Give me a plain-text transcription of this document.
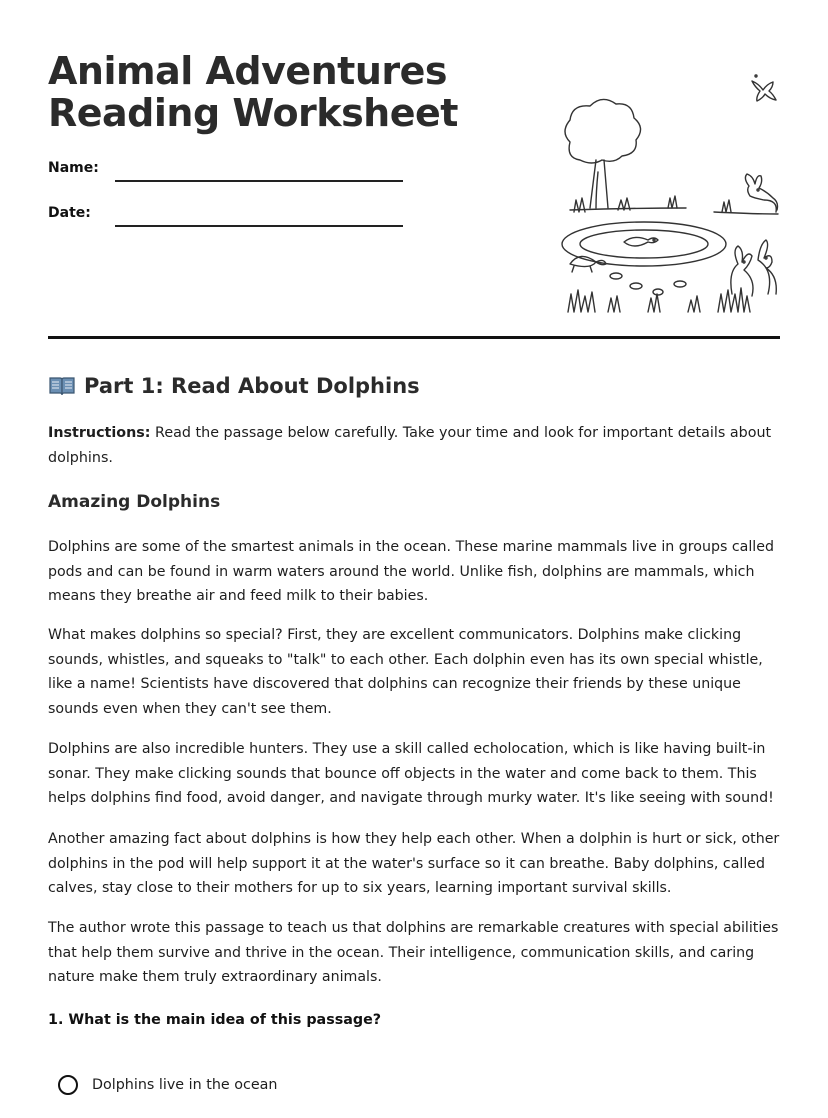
Animal Adventures Reading Worksheet
Name:
Date:
Part 1: Read About Dolphins
Instructions: Read the passage below carefully. Take your time and look for important details about dolphins.
Amazing Dolphins
Dolphins are some of the smartest animals in the ocean. These marine mammals live in groups called pods and can be found in warm waters around the world. Unlike fish, dolphins are mammals, which means they breathe air and feed milk to their babies.
What makes dolphins so special? First, they are excellent communicators. Dolphins make clicking sounds, whistles, and squeaks to "talk" to each other. Each dolphin even has its own special whistle, like a name! Scientists have discovered that dolphins can recognize their friends by these unique sounds even when they can't see them.
Dolphins are also incredible hunters. They use a skill called echolocation, which is like having built-in sonar. They make clicking sounds that bounce off objects in the water and come back to them. This helps dolphins find food, avoid danger, and navigate through murky water. It's like seeing with sound!
Another amazing fact about dolphins is how they help each other. When a dolphin is hurt or sick, other dolphins in the pod will help support it at the water's surface so it can breathe. Baby dolphins, called calves, stay close to their mothers for up to six years, learning important survival skills.
The author wrote this passage to teach us that dolphins are remarkable creatures with special abilities that help them survive and thrive in the ocean. Their intelligence, communication skills, and caring nature make them truly extraordinary animals.
1. What is the main idea of this passage?
Dolphins live in the ocean
